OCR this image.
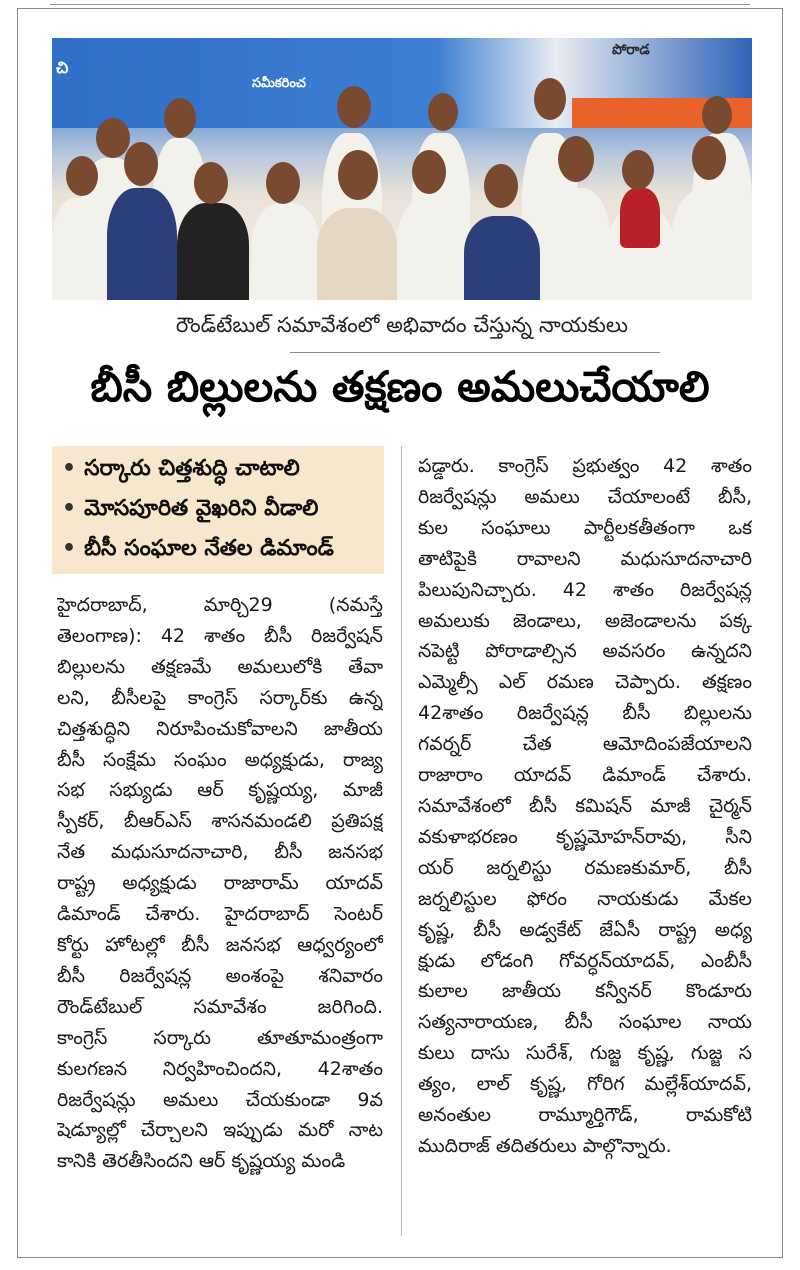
చి
సమీకరించ
పోరాడ
రౌండ్‌టేబుల్ సమావేశంలో అభివాదం చేస్తున్న నాయకులు
బీసీ బిల్లులను తక్షణం అమలుచేయాలి
• సర్కారు చిత్తశుద్ధి చాటాలి
• మోసపూరిత వైఖరిని వీడాలి
• బీసీ సంఘాల నేతల డిమాండ్
హైదరాబాద్, మార్చి29 (నమస్తే
తెలంగాణ): 42 శాతం బీసీ రిజర్వేషన్
బిల్లులను తక్షణమే అమలులోకి తేవా
లని, బీసీలపై కాంగ్రెస్ సర్కార్‌కు ఉన్న
చిత్తశుద్ధిని నిరూపించుకోవాలని జాతీయ
బీసీ సంక్షేమ సంఘం అధ్యక్షుడు, రాజ్య
సభ సభ్యుడు ఆర్ కృష్ణయ్య, మాజీ
స్పీకర్, బీఆర్‌ఎస్ శాసనమండలి ప్రతిపక్ష
నేత మధుసూదనాచారి, బీసీ జనసభ
రాష్ట్ర అధ్యక్షుడు రాజారామ్ యాదవ్
డిమాండ్ చేశారు. హైదరాబాద్ సెంటర్
కోర్టు హోటల్లో బీసీ జనసభ ఆధ్వర్యంలో
బీసీ రిజర్వేషన్ల అంశంపై శనివారం
రౌండ్‌టేబుల్ సమావేశం జరిగింది.
కాంగ్రెస్ సర్కారు తూతూమంత్రంగా
కులగణన నిర్వహించిందని, 42శాతం
రిజర్వేషన్లు అమలు చేయకుండా 9వ
షెడ్యూల్లో చేర్చాలని ఇప్పుడు మరో నాట
కానికి తెరతీసిందని ఆర్ కృష్ణయ్య మండి
పడ్డారు. కాంగ్రెస్ ప్రభుత్వం 42 శాతం
రిజర్వేషన్లు అమలు చేయాలంటే బీసీ,
కుల సంఘాలు పార్టీలకతీతంగా ఒక
తాటిపైకి రావాలని మధుసూదనాచారి
పిలుపునిచ్చారు. 42 శాతం రిజర్వేషన్ల
అమలుకు జెండాలు, అజెండాలను పక్క
నపెట్టి పోరాడాల్సిన అవసరం ఉన్నదని
ఎమ్మెల్సీ ఎల్ రమణ చెప్పారు. తక్షణం
42శాతం రిజర్వేషన్ల బీసీ బిల్లులను
గవర్నర్ చేత ఆమోదింపజేయాలని
రాజారాం యాదవ్ డిమాండ్ చేశారు.
సమావేశంలో బీసీ కమిషన్ మాజీ చైర్మన్
వకుళాభరణం కృష్ణమోహన్‌రావు, సీని
యర్ జర్నలిస్టు రమణకుమార్, బీసీ
జర్నలిస్టుల ఫోరం నాయకుడు మేకల
కృష్ణ, బీసీ అడ్వకేట్ జేఏసీ రాష్ట్ర అధ్య
క్షుడు లోడంగి గోవర్ధన్‌యాదవ్, ఎంబీసీ
కులాల జాతీయ కన్వీనర్ కొండూరు
సత్యనారాయణ, బీసీ సంఘాల నాయ
కులు దాసు సురేశ్, గుజ్జ కృష్ణ, గుజ్జ స
త్యం, లాల్ కృష్ణ, గోరిగ మల్లేశ్‌యాదవ్,
అనంతుల రామ్మూర్తిగౌడ్, రామకోటి
ముదిరాజ్ తదితరులు పాల్గొన్నారు.
